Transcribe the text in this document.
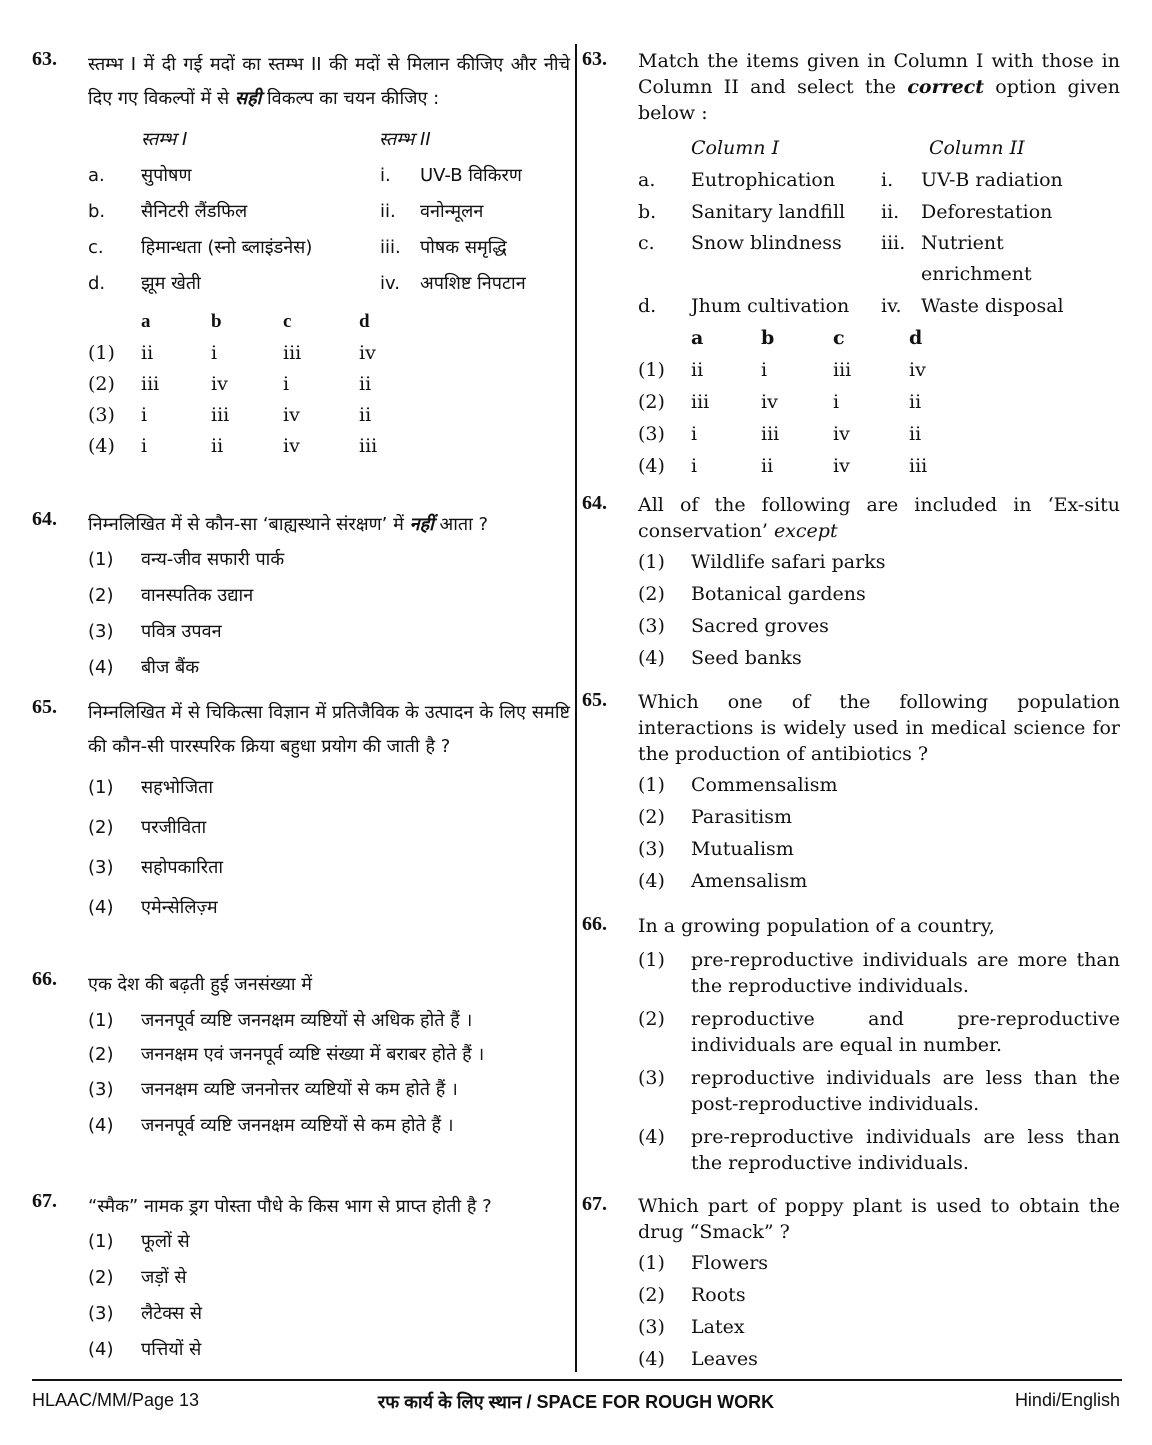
63.	स्तम्भ I में दी गई मदों का स्तम्भ II की मदों से मिलान कीजिए और नीचे दिए गए विकल्पों में से सही विकल्प का चयन कीजिए :
स्तम्भ I	स्तम्भ II
a.	सुपोषण	i.	UV-B विकिरण
b.	सैनिटरी लैंडफिल	ii.	वनोन्मूलन
c.	हिमान्धता (स्नो ब्लाइंडनेस)	iii.	पोषक समृद्धि
d.	झूम खेती	iv.	अपशिष्ट निपटान
a	b	c	d
(1)	ii	i	iii	iv
(2)	iii	iv	i	ii
(3)	i	iii	iv	ii
(4)	i	ii	iv	iii
64.	निम्नलिखित में से कौन-सा ‘बाह्यस्थाने संरक्षण’ में नहीं आता ?
(1)	वन्य-जीव सफारी पार्क
(2)	वानस्पतिक उद्यान
(3)	पवित्र उपवन
(4)	बीज बैंक
65.	निम्नलिखित में से चिकित्सा विज्ञान में प्रतिजैविक के उत्पादन के लिए समष्टि की कौन-सी पारस्परिक क्रिया बहुधा प्रयोग की जाती है ?
(1)	सहभोजिता
(2)	परजीविता
(3)	सहोपकारिता
(4)	एमेन्सेलिज़्म
66.	एक देश की बढ़ती हुई जनसंख्या में
(1)	जननपूर्व व्यष्टि जननक्षम व्यष्टियों से अधिक होते हैं ।
(2)	जननक्षम एवं जननपूर्व व्यष्टि संख्या में बराबर होते हैं ।
(3)	जननक्षम व्यष्टि जननोत्तर व्यष्टियों से कम होते हैं ।
(4)	जननपूर्व व्यष्टि जननक्षम व्यष्टियों से कम होते हैं ।
67.	“स्मैक” नामक ड्रग पोस्ता पौधे के किस भाग से प्राप्त होती है ?
(1)	फूलों से
(2)	जड़ों से
(3)	लैटेक्स से
(4)	पत्तियों से
63.	Match the items given in Column I with those in Column II and select the correct option given below :
Column I	Column II
a.	Eutrophication	i.	UV-B radiation
b.	Sanitary landfill	ii.	Deforestation
c.	Snow blindness	iii. Nutrient enrichment
d.	Jhum cultivation	iv.	Waste disposal
a	b	c	d
(1)	ii	i	iii	iv
(2)	iii	iv	i	ii
(3)	i	iii	iv	ii
(4)	i	ii	iv	iii
64.	All of the following are included in ‘Ex-situ conservation’ except
(1)	Wildlife safari parks
(2)	Botanical gardens
(3)	Sacred groves
(4)	Seed banks
65.	Which one of the following population interactions is widely used in medical science for the production of antibiotics ?
(1)	Commensalism
(2)	Parasitism
(3)	Mutualism
(4)	Amensalism
66.	In a growing population of a country,
(1)	pre-reproductive individuals are more than the reproductive individuals.
(2)	reproductive and pre-reproductive individuals are equal in number.
(3)	reproductive individuals are less than the post-reproductive individuals.
(4)	pre-reproductive individuals are less than the reproductive individuals.
67.	Which part of poppy plant is used to obtain the drug “Smack” ?
(1)	Flowers
(2)	Roots
(3)	Latex
(4)	Leaves
HLAAC/MM/Page 13	रफ कार्य के लिए स्थान / SPACE FOR ROUGH WORK	Hindi/English
